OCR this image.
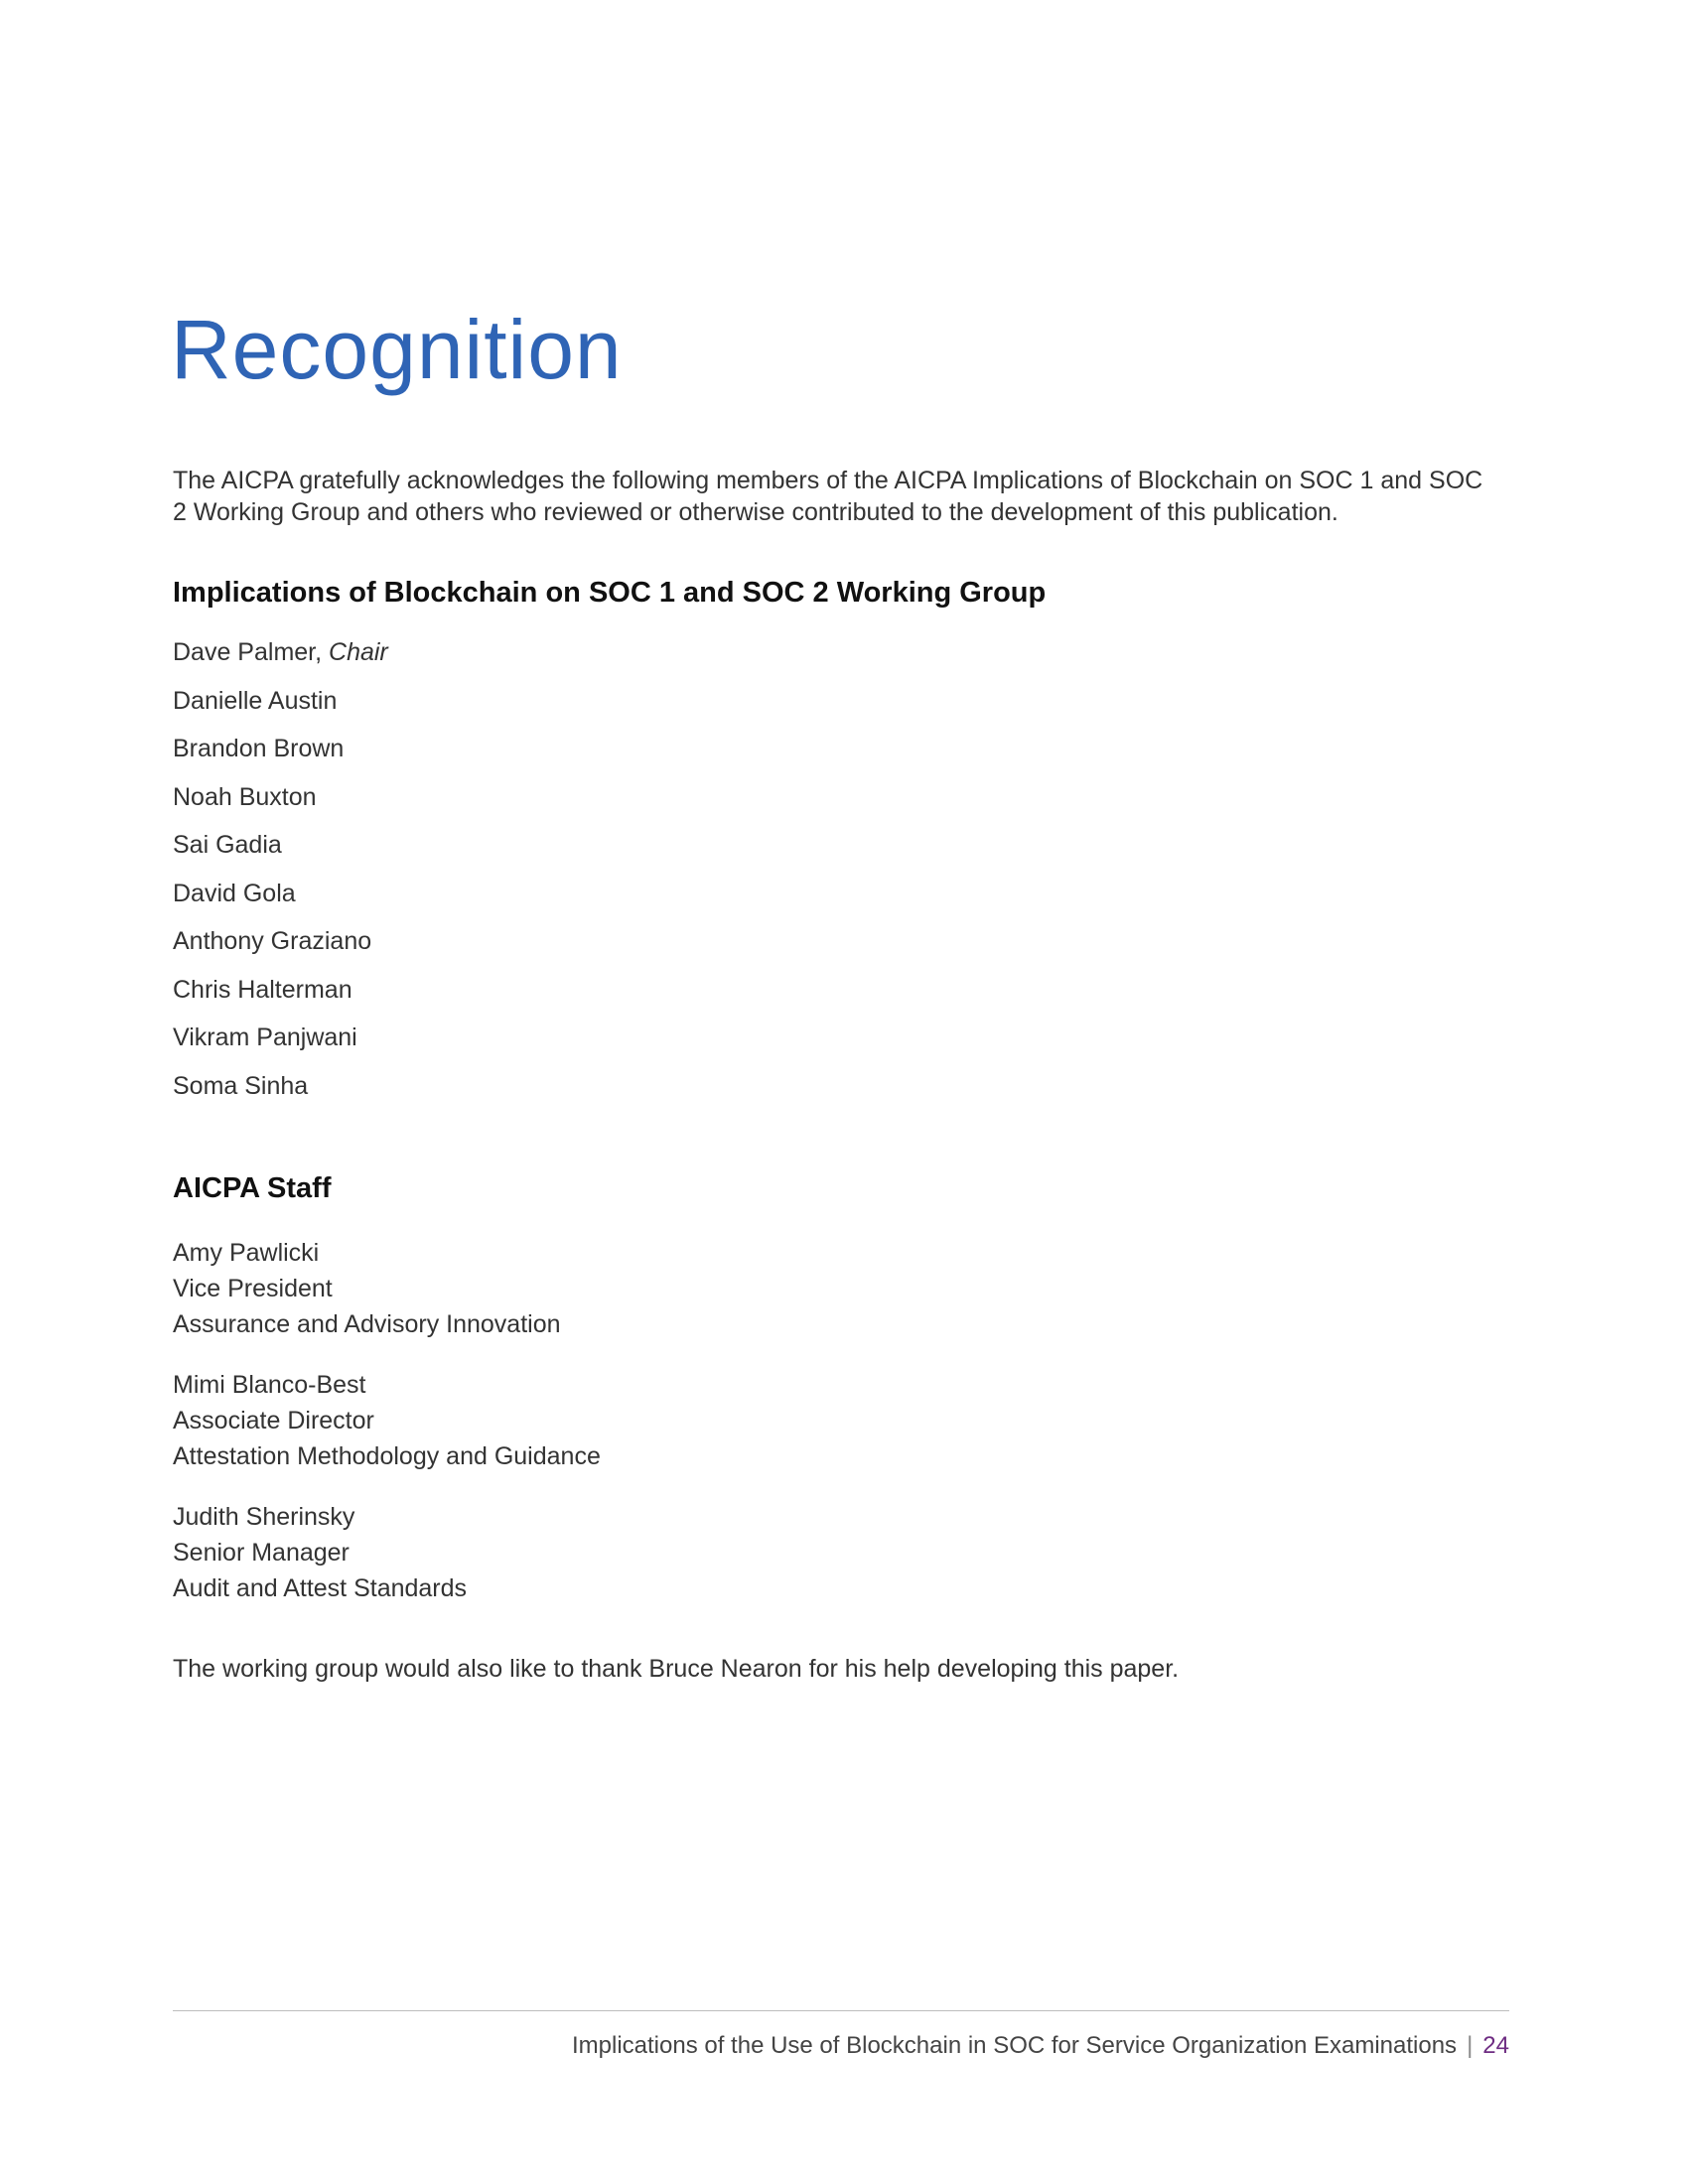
Recognition

The AICPA gratefully acknowledges the following members of the AICPA Implications of Blockchain on SOC 1 and SOC 2 Working Group and others who reviewed or otherwise contributed to the development of this publication.

Implications of Blockchain on SOC 1 and SOC 2 Working Group
Dave Palmer, Chair
Danielle Austin
Brandon Brown
Noah Buxton
Sai Gadia
David Gola
Anthony Graziano
Chris Halterman
Vikram Panjwani
Soma Sinha
AICPA Staff
Amy Pawlicki
Vice President
Assurance and Advisory Innovation
Mimi Blanco-Best
Associate Director
Attestation Methodology and Guidance
Judith Sherinsky
Senior Manager
Audit and Attest Standards

The working group would also like to thank Bruce Nearon for his help developing this paper.

Implications of the Use of Blockchain in SOC for Service Organization Examinations | 24
